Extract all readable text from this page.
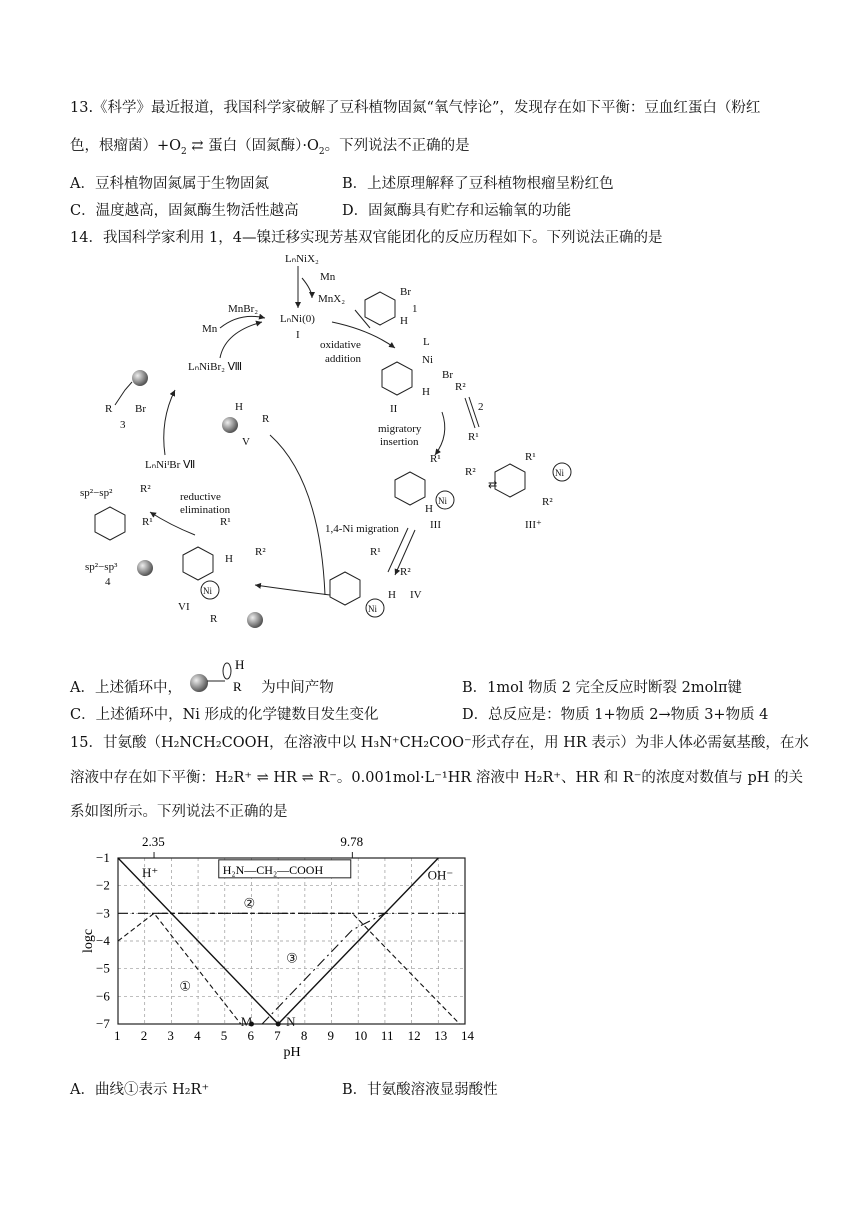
13.《科学》最近报道，我国科学家破解了豆科植物固氮“氧气悖论”，发现存在如下平衡：豆血红蛋白（粉红
色，根瘤菌）$+O_2$ ⇄ 蛋白（固氮酶）$\cdot O_2$。下列说法不正确的是
A．豆科植物固氮属于生物固氮	B．上述原理解释了豆科植物根瘤呈粉红色
C．温度越高，固氮酶生物活性越高	D．固氮酶具有贮存和运输氧的功能
14．我国科学家利用 1，4—镍迁移实现芳基双官能团化的反应历程如下。下列说法正确的是
LₙNiX₂
Mn
MnX₂
LₙNi(0)
I
MnBr₂
Mn
LₙNiBr₂ Ⅷ
Br
H
1
oxidative
addition
L
Ni
Br
H
II
R²
2
R¹
migratory
insertion
R¹
R²
Ni
H
III
⇄
R¹
Ni
R²
III⁺
1,4-Ni migration
R¹
R²
Ni
H IV
H
R
V
R¹
R²
Ni
H
VI
R
reductive
elimination
LₙNiᴵBr Ⅶ
R Br
3
sp²−sp²	R²
R¹
sp²−sp³
4
A．上述循环中，
H
R 为中间产物	B．1mol 物质 2 完全反应时断裂 2molπ键
C．上述循环中，Ni 形成的化学键数目发生变化	D．总反应是：物质 1+物质 2→物质 3+物质 4
15．甘氨酸（H₂NCH₂COOH，在溶液中以 H₃N⁺CH₂COO⁻形式存在，用 HR 表示）为非人体必需氨基酸，在水
溶液中存在如下平衡：H₂R⁺ ⇌ HR ⇌ R⁻。0.001mol·L⁻¹HR 溶液中 H₂R⁺、HR 和 R⁻的浓度对数值与 pH 的关
系如图所示。下列说法不正确的是
2.35	9.78
1 2 3 4 5 6 7 8 9 10 11 12 13 14
−1
−2
−3
−4
−5
−6
−7
pH
logc
H⁺	OH⁻
①
②
③
M	N
H₂N—CH₂—COOH
A．曲线①表示 H₂R⁺	B．甘氨酸溶液显弱酸性
